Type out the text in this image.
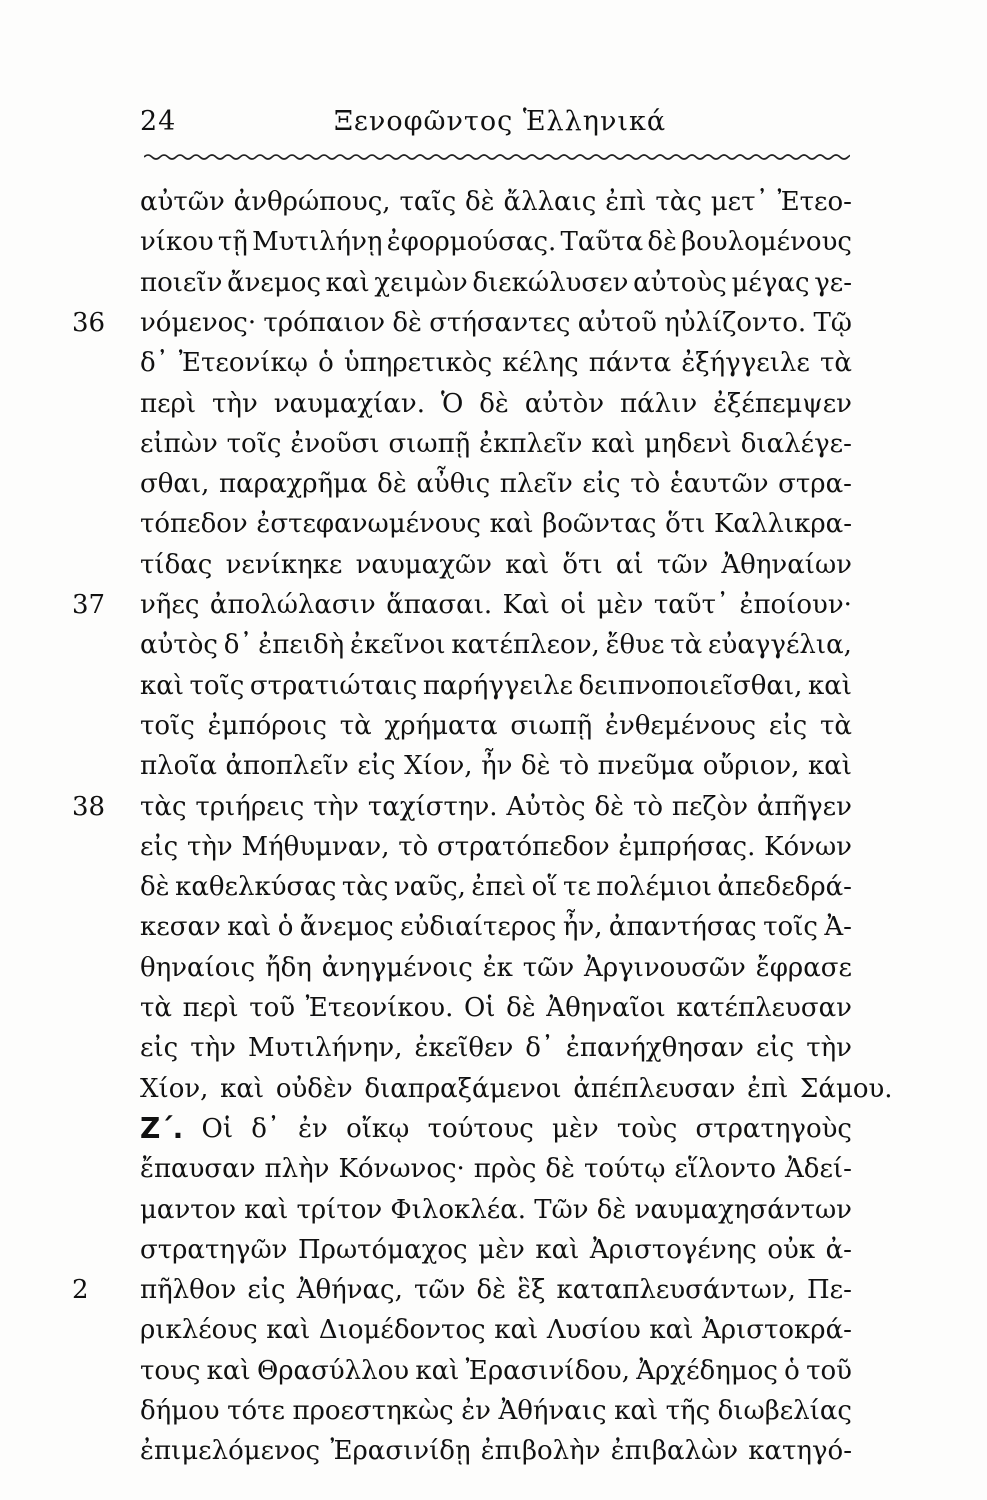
24	Ξενοφῶντος Ἑλληνικά
αὐτῶν ἀνθρώπους, ταῖς δὲ ἄλλαις ἐπὶ τὰς μετ᾽ Ἐτεο-
νίκου τῇ Μυτιλήνῃ ἐφορμούσας. Ταῦτα δὲ βουλομένους
ποιεῖν ἄνεμος καὶ χειμὼν διεκώλυσεν αὐτοὺς μέγας γε-
36	νόμενος· τρόπαιον δὲ στήσαντες αὐτοῦ ηὐλίζοντο. Τῷ
δ᾽ Ἐτεονίκῳ ὁ ὑπηρετικὸς κέλης πάντα ἐξήγγειλε τὰ
περὶ τὴν ναυμαχίαν. Ὁ δὲ αὐτὸν πάλιν ἐξέπεμψεν
εἰπὼν τοῖς ἐνοῦσι σιωπῇ ἐκπλεῖν καὶ μηδενὶ διαλέγε-
σθαι, παραχρῆμα δὲ αὖθις πλεῖν εἰς τὸ ἑαυτῶν στρα-
τόπεδον ἐστεφανωμένους καὶ βοῶντας ὅτι Καλλικρα-
τίδας νενίκηκε ναυμαχῶν καὶ ὅτι αἱ τῶν Ἀθηναίων
37	νῆες ἀπολώλασιν ἅπασαι. Καὶ οἱ μὲν ταῦτ᾽ ἐποίουν·
αὐτὸς δ᾽ ἐπειδὴ ἐκεῖνοι κατέπλεον, ἔθυε τὰ εὐαγγέλια,
καὶ τοῖς στρατιώταις παρήγγειλε δειπνοποιεῖσθαι, καὶ
τοῖς ἐμπόροις τὰ χρήματα σιωπῇ ἐνθεμένους εἰς τὰ
πλοῖα ἀποπλεῖν εἰς Χίον, ἦν δὲ τὸ πνεῦμα οὔριον, καὶ
38	τὰς τριήρεις τὴν ταχίστην. Αὐτὸς δὲ τὸ πεζὸν ἀπῆγεν
εἰς τὴν Μήθυμναν, τὸ στρατόπεδον ἐμπρήσας. Κόνων
δὲ καθελκύσας τὰς ναῦς, ἐπεὶ οἵ τε πολέμιοι ἀπεδεδρά-
κεσαν καὶ ὁ ἄνεμος εὐδιαίτερος ἦν, ἀπαντήσας τοῖς Ἀ-
θηναίοις ἤδη ἀνηγμένοις ἐκ τῶν Ἀργινουσῶν ἔφρασε
τὰ περὶ τοῦ Ἐτεονίκου. Οἱ δὲ Ἀθηναῖοι κατέπλευσαν
εἰς τὴν Μυτιλήνην, ἐκεῖθεν δ᾽ ἐπανήχθησαν εἰς τὴν
Χίον, καὶ οὐδὲν διαπραξάμενοι ἀπέπλευσαν ἐπὶ Σάμου.
Ζ΄. Οἱ δ᾽ ἐν οἴκῳ τούτους μὲν τοὺς στρατηγοὺς
ἔπαυσαν πλὴν Κόνωνος· πρὸς δὲ τούτῳ εἵλοντο Ἀδεί-
μαντον καὶ τρίτον Φιλοκλέα. Τῶν δὲ ναυμαχησάντων
στρατηγῶν Πρωτόμαχος μὲν καὶ Ἀριστογένης οὐκ ἀ-
2	πῆλθον εἰς Ἀθήνας, τῶν δὲ ἓξ καταπλευσάντων, Πε-
ρικλέους καὶ Διομέδοντος καὶ Λυσίου καὶ Ἀριστοκρά-
τους καὶ Θρασύλλου καὶ Ἐρασινίδου, Ἀρχέδημος ὁ τοῦ
δήμου τότε προεστηκὼς ἐν Ἀθήναις καὶ τῆς διωβελίας
ἐπιμελόμενος Ἐρασινίδῃ ἐπιβολὴν ἐπιβαλὼν κατηγό-
